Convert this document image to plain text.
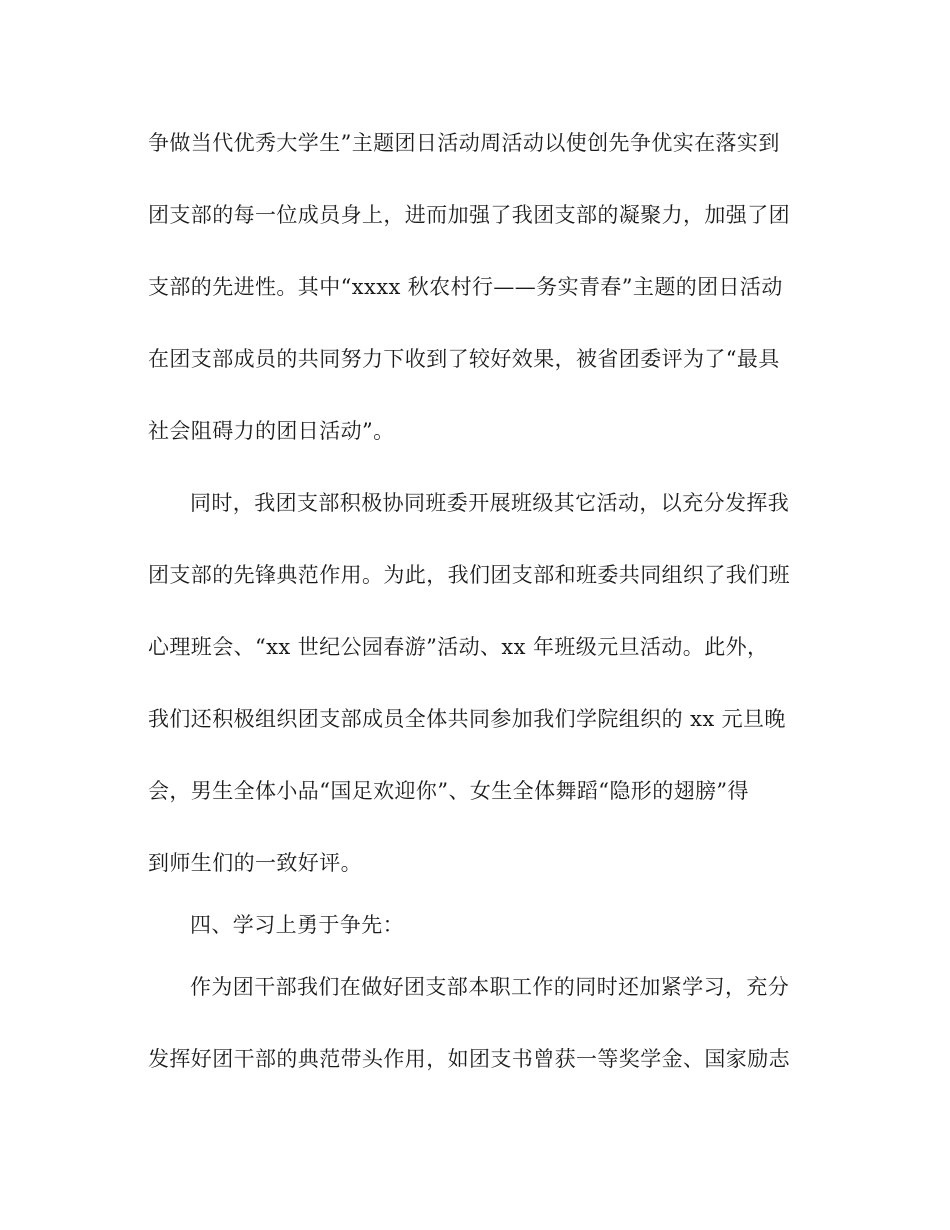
争做当代优秀大学生”主题团日活动周活动以使创先争优实在落实到
团支部的每一位成员身上，进而加强了我团支部的凝聚力，加强了团
支部的先进性。其中“xxxx 秋农村行——务实青春”主题的团日活动
在团支部成员的共同努力下收到了较好效果，被省团委评为了“最具
社会阻碍力的团日活动”。
同时，我团支部积极协同班委开展班级其它活动，以充分发挥我
团支部的先锋典范作用。为此，我们团支部和班委共同组织了我们班
心理班会、“xx 世纪公园春游”活动、xx 年班级元旦活动。此外，
我们还积极组织团支部成员全体共同参加我们学院组织的 xx 元旦晚
会，男生全体小品“国足欢迎你”、女生全体舞蹈“隐形的翅膀”得
到师生们的一致好评。
四、学习上勇于争先：
作为团干部我们在做好团支部本职工作的同时还加紧学习，充分
发挥好团干部的典范带头作用，如团支书曾获一等奖学金、国家励志
